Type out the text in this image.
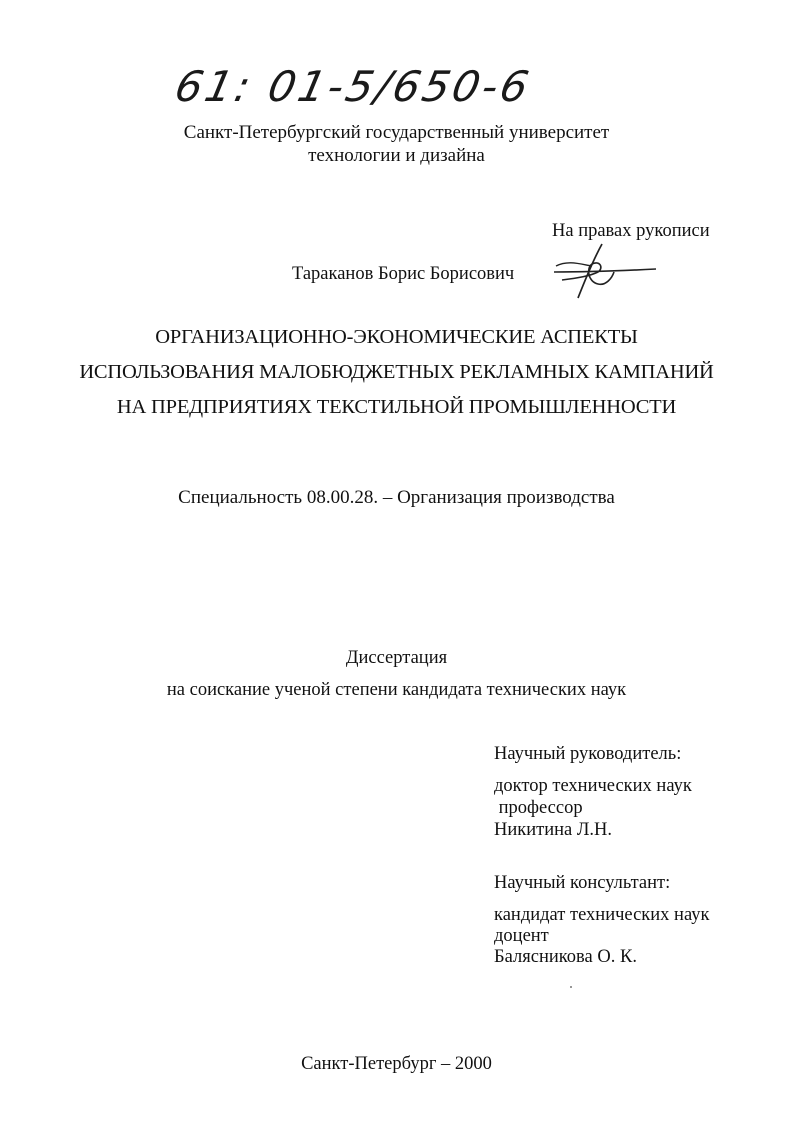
61: 01-5/650-6
Санкт-Петербургский государственный университет
технологии и дизайна
На правах рукописи
Тараканов Борис Борисович
ОРГАНИЗАЦИОННО-ЭКОНОМИЧЕСКИЕ АСПЕКТЫ
ИСПОЛЬЗОВАНИЯ МАЛОБЮДЖЕТНЫХ РЕКЛАМНЫХ КАМПАНИЙ
НА ПРЕДПРИЯТИЯХ ТЕКСТИЛЬНОЙ ПРОМЫШЛЕННОСТИ
Специальность 08.00.28. – Организация производства
Диссертация
на соискание ученой степени кандидата технических наук
Научный руководитель:
доктор технических наук
профессор
Никитина Л.Н.
Научный консультант:
кандидат технических наук
доцент
Балясникова О. К.
Санкт-Петербург – 2000
